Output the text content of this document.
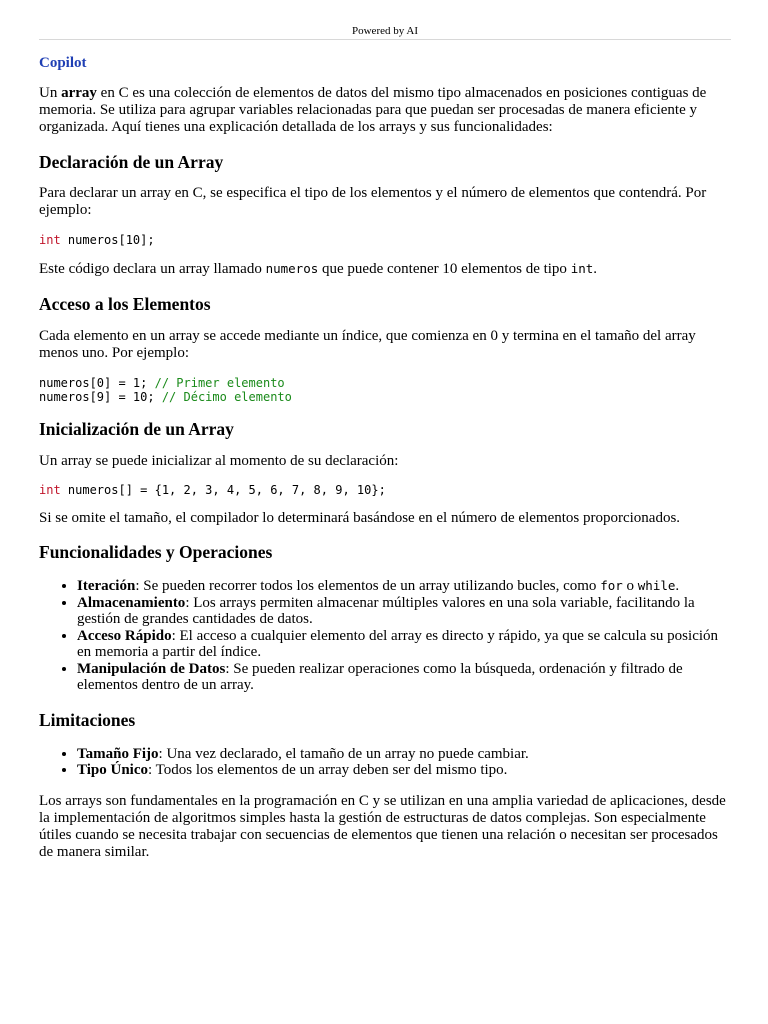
Powered by AI
Copilot

Un array en C es una colección de elementos de datos del mismo tipo almacenados en posiciones contiguas de memoria. Se utiliza para agrupar variables relacionadas para que puedan ser procesadas de manera eficiente y organizada. Aquí tienes una explicación detallada de los arrays y sus funcionalidades:

Declaración de un Array

Para declarar un array en C, se especifica el tipo de los elementos y el número de elementos que contendrá. Por ejemplo:

int numeros[10];

Este código declara un array llamado numeros que puede contener 10 elementos de tipo int.

Acceso a los Elementos

Cada elemento en un array se accede mediante un índice, que comienza en 0 y termina en el tamaño del array menos uno. Por ejemplo:

numeros[0] = 1; // Primer elemento
numeros[9] = 10; // Décimo elemento
Inicialización de un Array

Un array se puede inicializar al momento de su declaración:

int numeros[] = {1, 2, 3, 4, 5, 6, 7, 8, 9, 10};

Si se omite el tamaño, el compilador lo determinará basándose en el número de elementos proporcionados.

Funcionalidades y Operaciones
• Iteración: Se pueden recorrer todos los elementos de un array utilizando bucles, como for o while.
• Almacenamiento: Los arrays permiten almacenar múltiples valores en una sola variable, facilitando la gestión de grandes cantidades de datos.
• Acceso Rápido: El acceso a cualquier elemento del array es directo y rápido, ya que se calcula su posición en memoria a partir del índice.
• Manipulación de Datos: Se pueden realizar operaciones como la búsqueda, ordenación y filtrado de elementos dentro de un array.
Limitaciones
• Tamaño Fijo: Una vez declarado, el tamaño de un array no puede cambiar.
• Tipo Único: Todos los elementos de un array deben ser del mismo tipo.

Los arrays son fundamentales en la programación en C y se utilizan en una amplia variedad de aplicaciones, desde la implementación de algoritmos simples hasta la gestión de estructuras de datos complejas. Son especialmente útiles cuando se necesita trabajar con secuencias de elementos que tienen una relación o necesitan ser procesados de manera similar.
